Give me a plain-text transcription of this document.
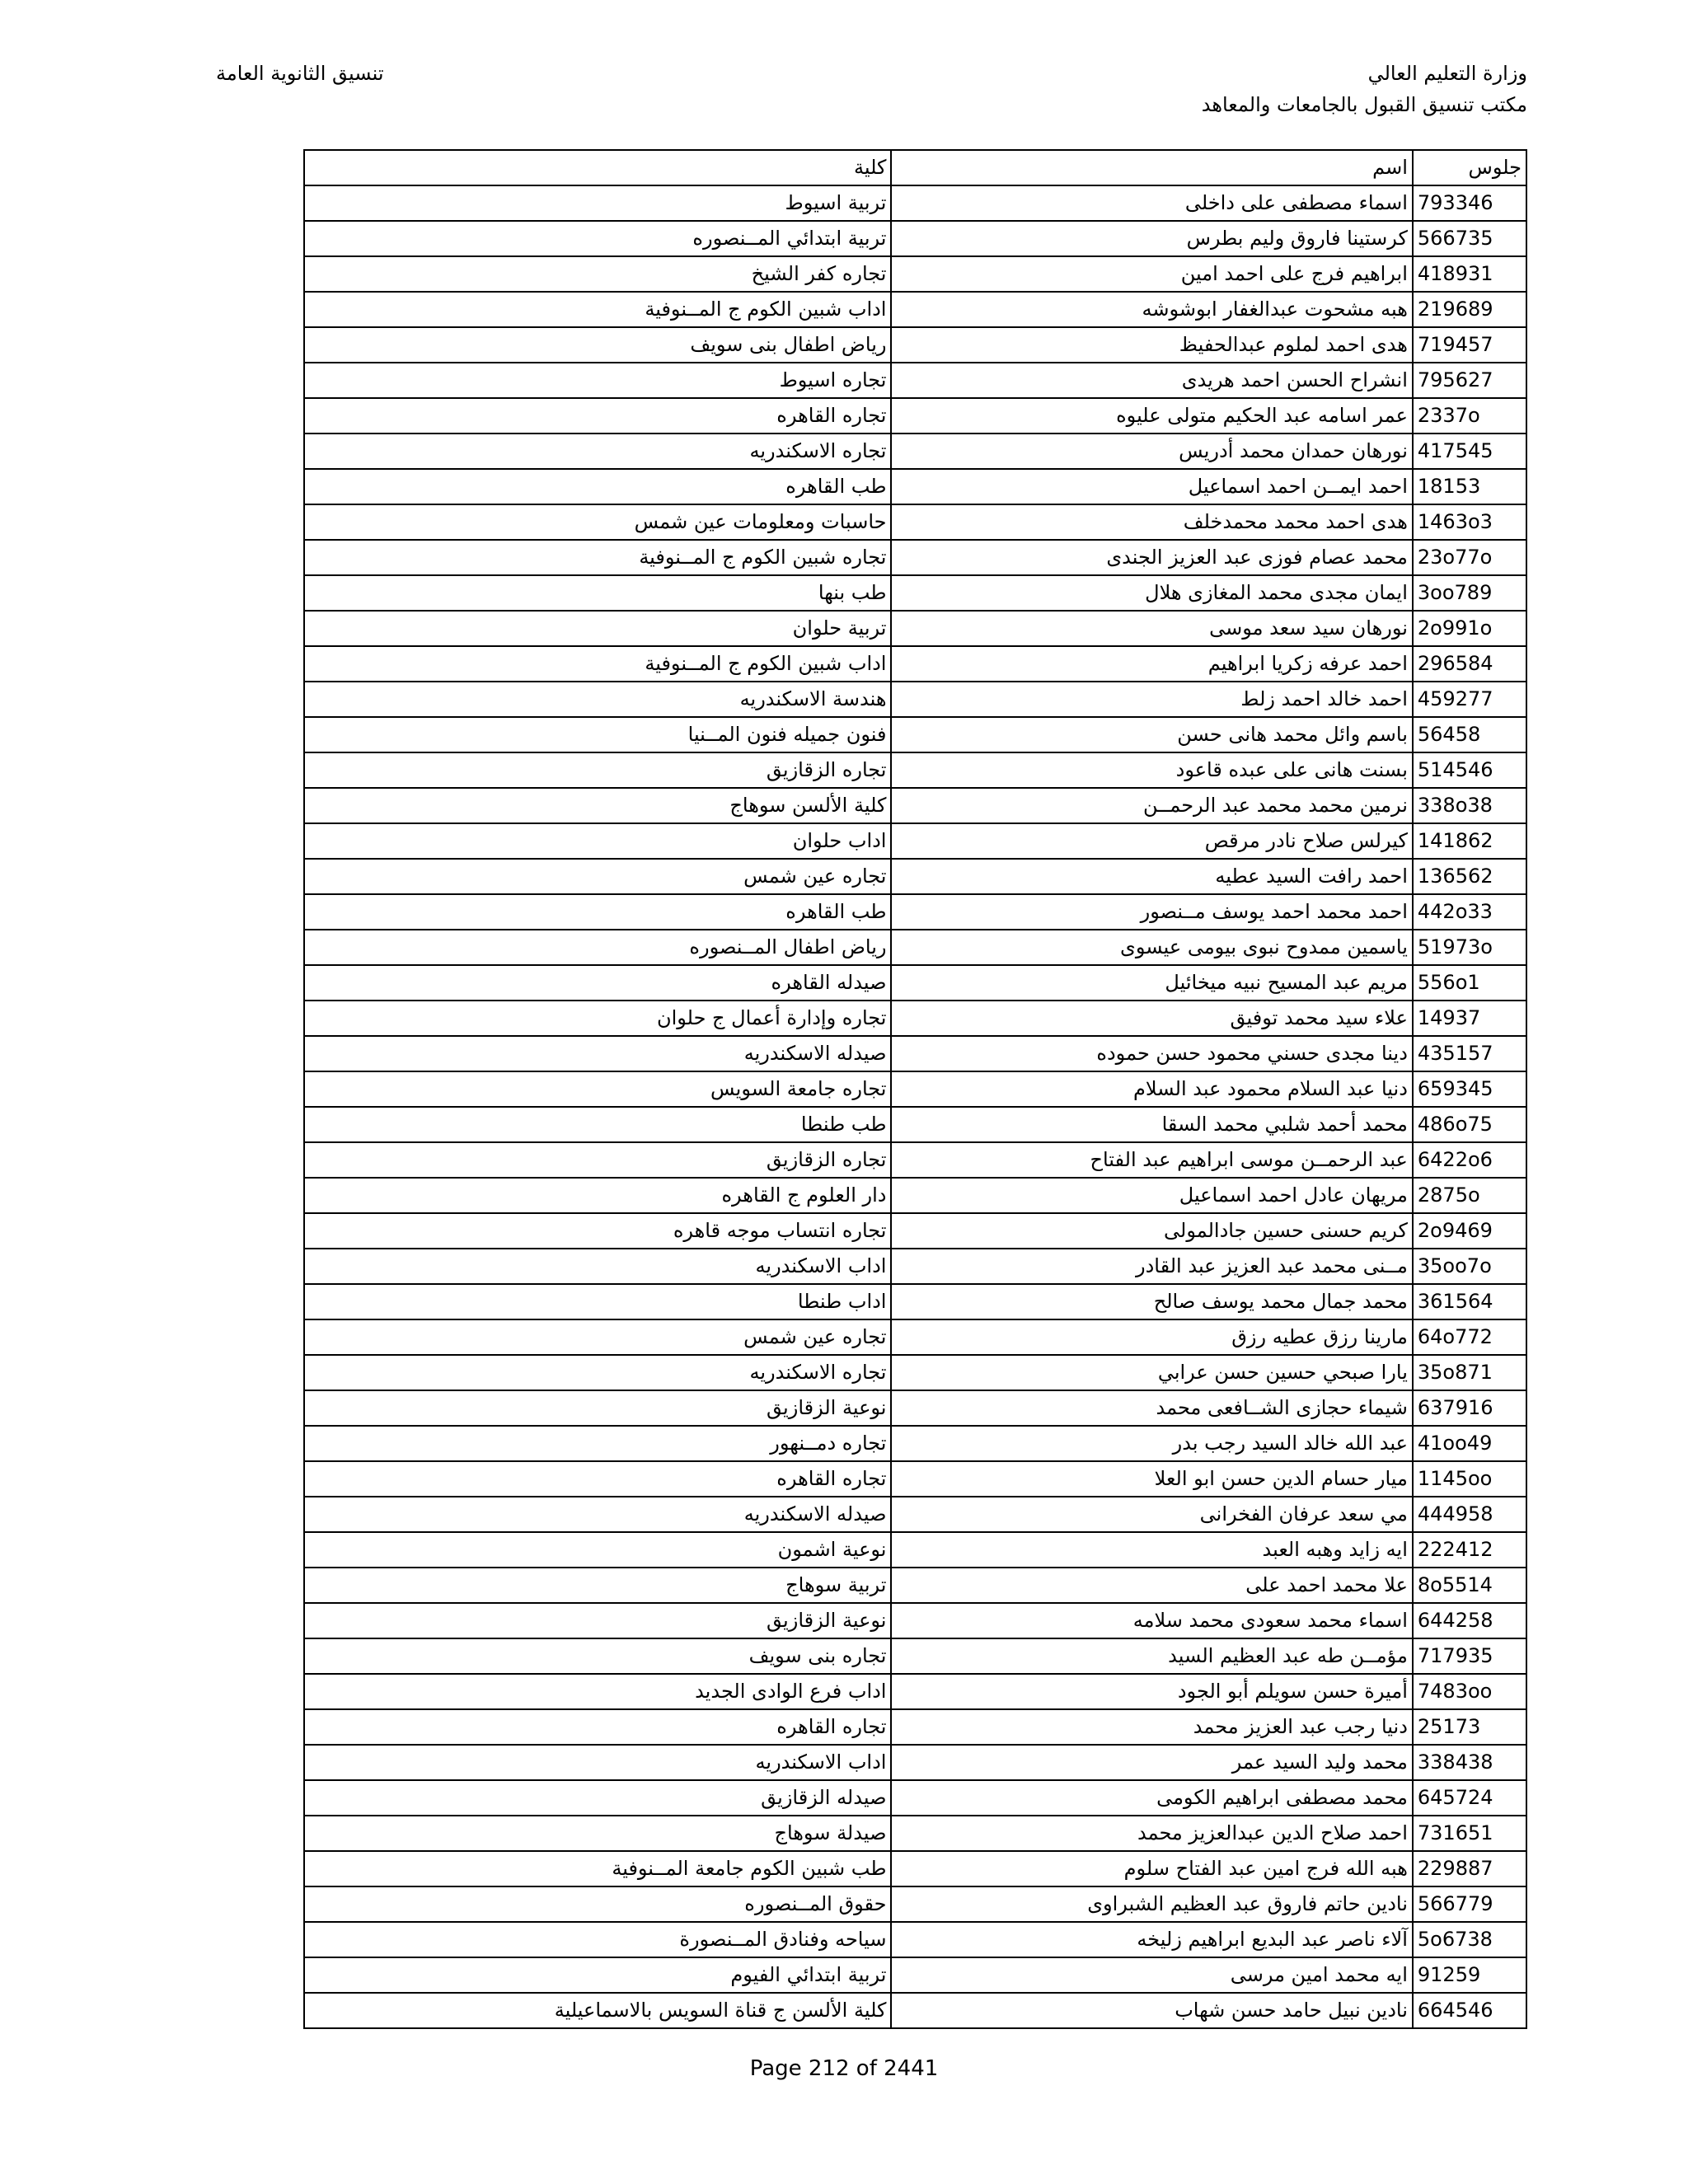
وزارة التعليم العالي
مكتب تنسيق القبول بالجامعات والمعاهد
تنسيق الثانوية العامة
كلية	اسم	جلوس
تربية اسيوط	اسماء مصطفى على داخلى	793346
تربية ابتدائي المــنصوره	كرستينا فاروق وليم بطرس	566735
تجاره كفر الشيخ	ابراهيم فرج على احمد امين	418931
اداب شبين الكوم ج المــنوفية	هبه مشحوت عبدالغفار ابوشوشه	219689
رياض اطفال بنى سويف	هدى احمد لملوم عبدالحفيظ	719457
تجاره اسيوط	انشراح الحسن احمد هريدى	795627
تجاره القاهره	عمر اسامه عبد الحكيم متولى عليوه	2337o
تجاره الاسكندريه	نورهان حمدان محمد أدريس	417545
طب القاهره	احمد ايمــن احمد اسماعيل	18153
حاسبات ومعلومات عين شمس	هدى احمد محمد محمدخلف	1463o3
تجاره شبين الكوم ج المــنوفية	محمد عصام فوزى عبد العزيز الجندى	23o77o
طب بنها	ايمان مجدى محمد المغازى هلال	3oo789
تربية حلوان	نورهان سيد سعد موسى	2o991o
اداب شبين الكوم ج المــنوفية	احمد عرفه زكريا ابراهيم	296584
هندسة الاسكندريه	احمد خالد احمد زلط	459277
فنون جميله فنون المــنيا	باسم وائل محمد هانى حسن	56458
تجاره الزقازيق	بسنت هانى على عبده قاعود	514546
كلية الألسن سوهاج	نرمين محمد محمد عبد الرحمــن	338o38
اداب حلوان	كيرلس صلاح نادر مرقص	141862
تجاره عين شمس	احمد رافت السيد عطيه	136562
طب القاهره	احمد محمد احمد يوسف مــنصور	442o33
رياض اطفال المــنصوره	ياسمين ممدوح نبوى بيومى عيسوى	51973o
صيدله القاهره	مريم عبد المسيح نبيه ميخائيل	556o1
تجاره وإدارة أعمال ج حلوان	علاء سيد محمد توفيق	14937
صيدله الاسكندريه	دينا مجدى حسني محمود حسن حموده	435157
تجاره جامعة السويس	دنيا عبد السلام محمود عبد السلام	659345
طب طنطا	محمد أحمد شلبي محمد السقا	486o75
تجاره الزقازيق	عبد الرحمــن موسى ابراهيم عبد الفتاح	6422o6
دار العلوم ج القاهره	مريهان عادل احمد اسماعيل	2875o
تجاره انتساب موجه قاهره	كريم حسنى حسين جادالمولى	2o9469
اداب الاسكندريه	مــنى محمد عبد العزيز عبد القادر	35oo7o
اداب طنطا	محمد جمال محمد يوسف صالح	361564
تجاره عين شمس	مارينا رزق عطيه رزق	64o772
تجاره الاسكندريه	يارا صبحي حسين حسن عرابي	35o871
نوعية الزقازيق	شيماء حجازى الشــافعى محمد	637916
تجاره دمــنهور	عبد الله خالد السيد رجب بدر	41oo49
تجاره القاهره	ميار حسام الدين حسن ابو العلا	1145oo
صيدله الاسكندريه	مي سعد عرفان الفخرانى	444958
نوعية اشمون	ايه زايد وهبه العبد	222412
تربية سوهاج	علا محمد احمد على	8o5514
نوعية الزقازيق	اسماء محمد سعودى محمد سلامه	644258
تجاره بنى سويف	مؤمــن طه عبد العظيم السيد	717935
اداب فرع الوادى الجديد	أميرة حسن سويلم أبو الجود	7483oo
تجاره القاهره	دنيا رجب عبد العزيز محمد	25173
اداب الاسكندريه	محمد وليد السيد عمر	338438
صيدله الزقازيق	محمد مصطفى ابراهيم الكومى	645724
صيدلة سوهاج	احمد صلاح الدين عبدالعزيز محمد	731651
طب شبين الكوم جامعة المــنوفية	هبه الله فرج امين عبد الفتاح سلوم	229887
حقوق المــنصوره	نادين حاتم فاروق عبد العظيم الشبراوى	566779
سياحه وفنادق المــنصورة	آلاء ناصر عبد البديع ابراهيم زليخه	5o6738
تربية ابتدائي الفيوم	ايه محمد امين مرسى	91259
كلية الألسن ج قناة السويس بالاسماعيلية	نادين نبيل حامد حسن شهاب	664546
Page 212 of 2441
